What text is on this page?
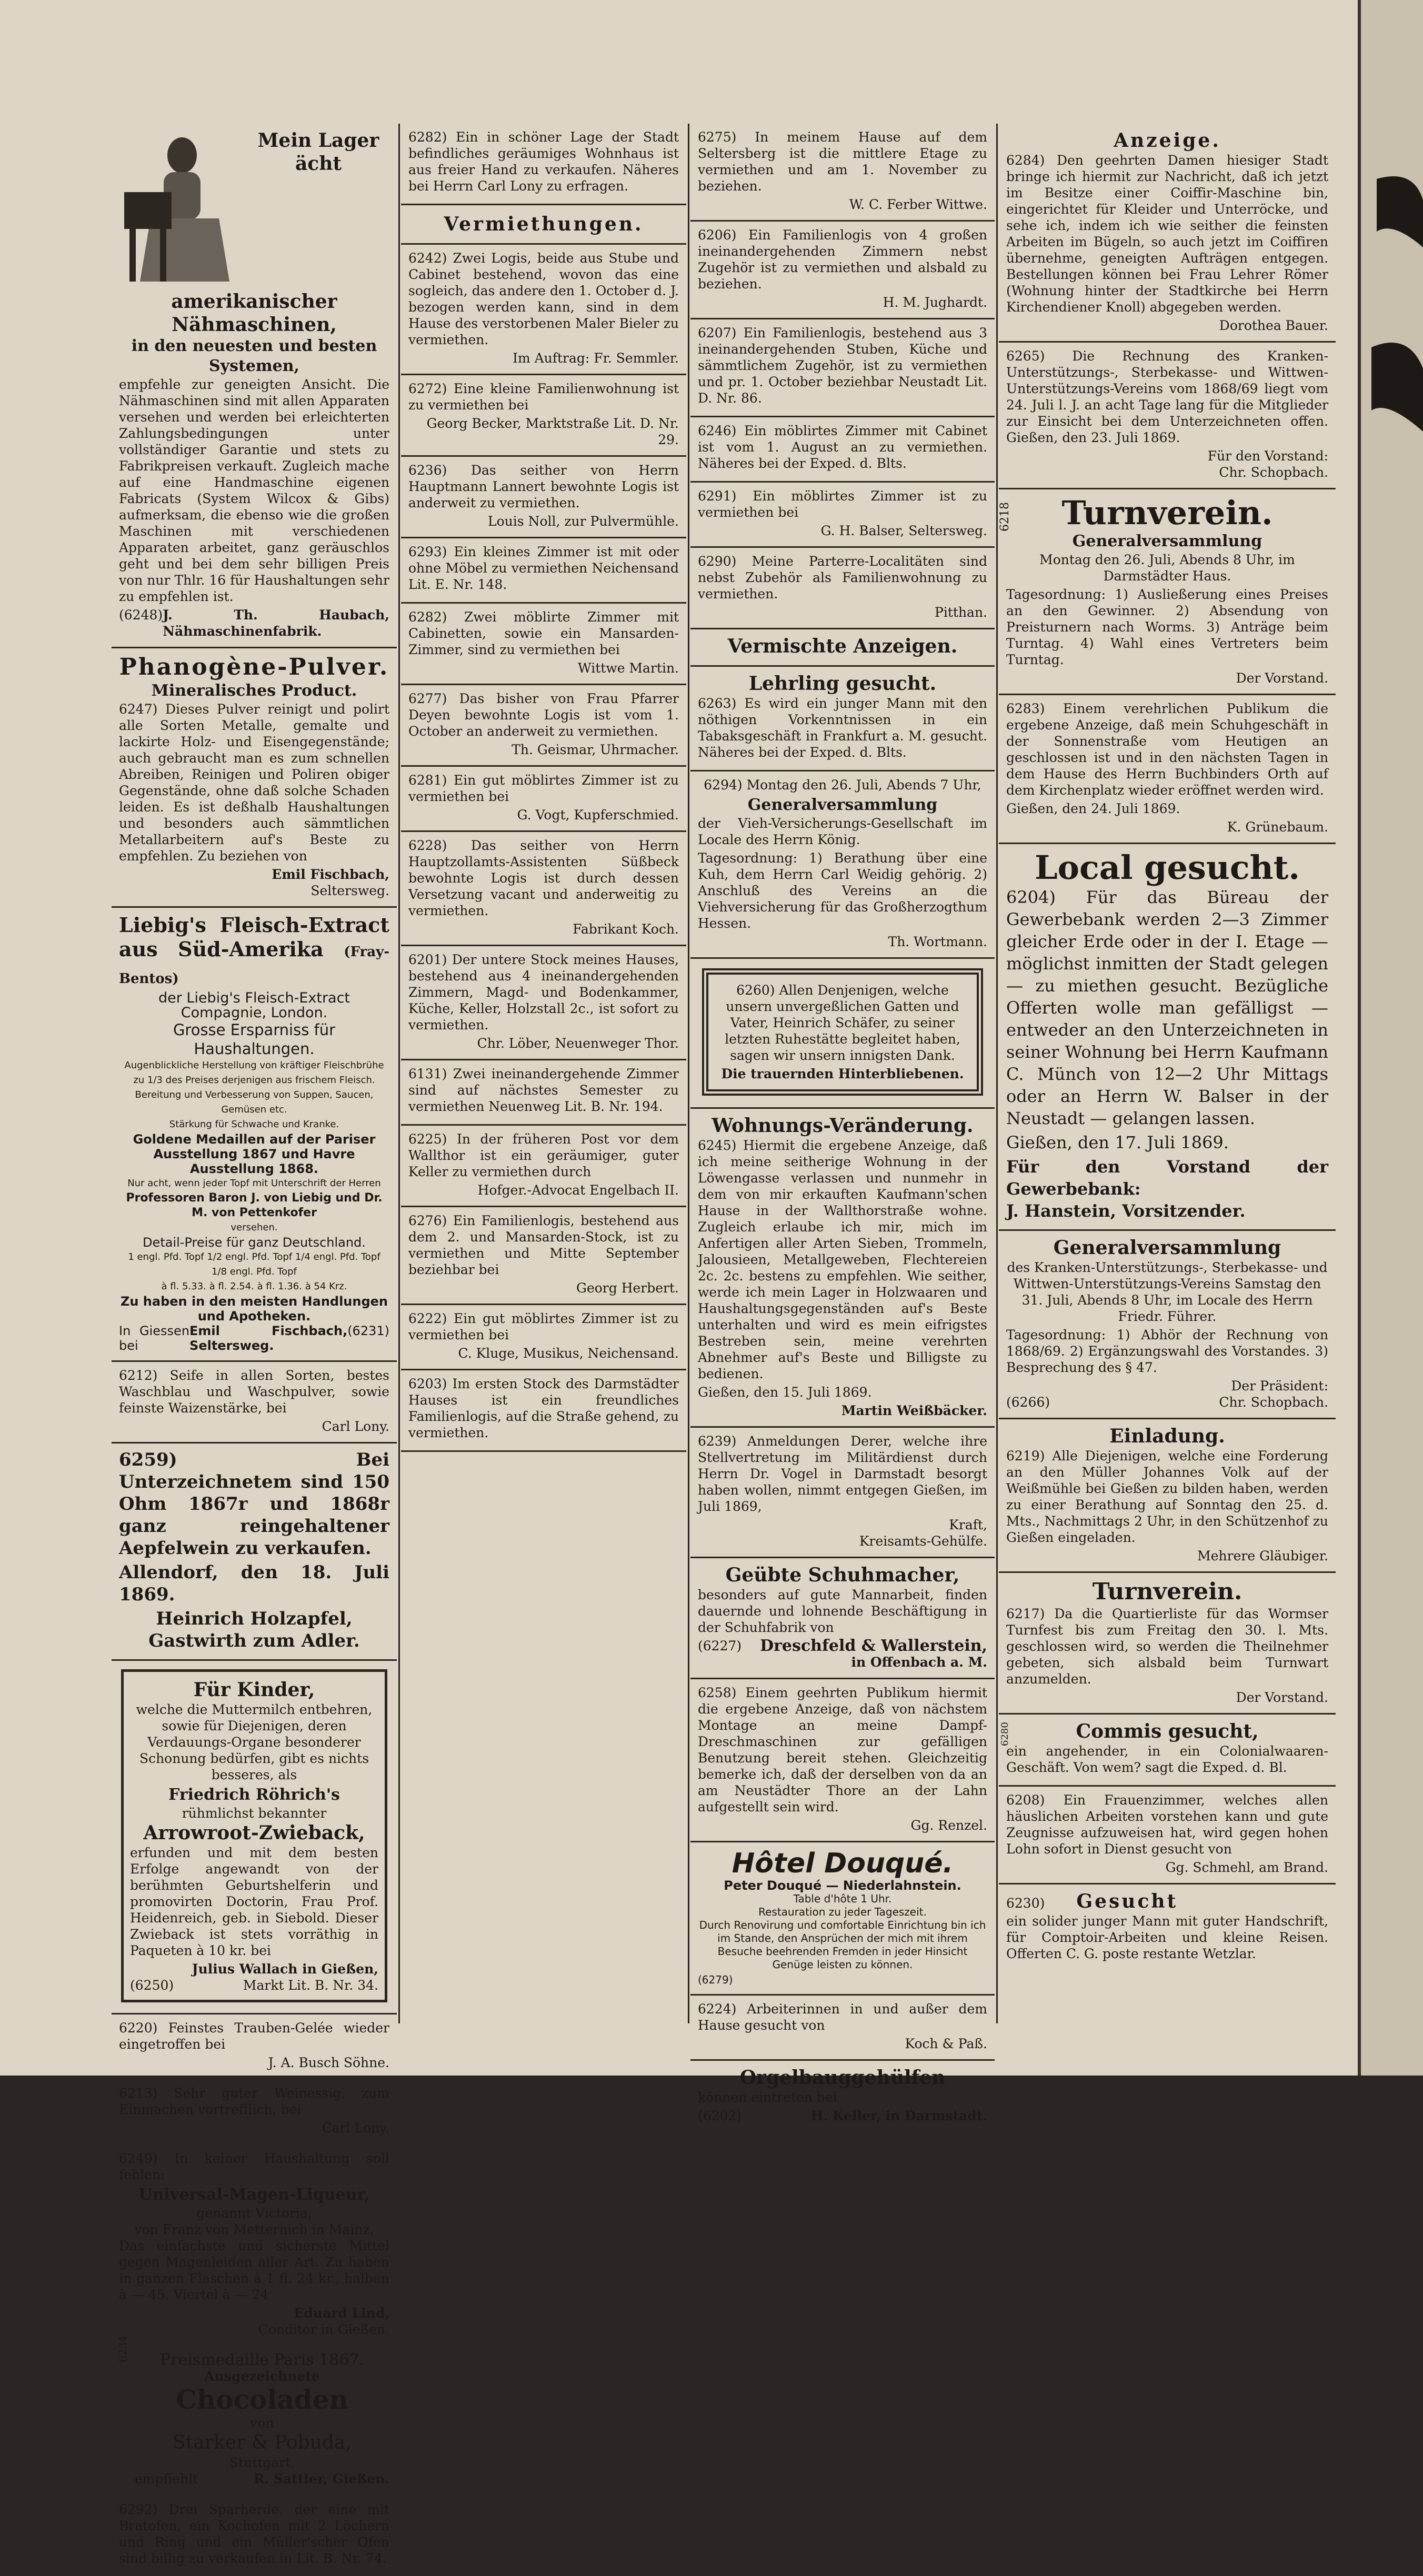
Mein Lager ächt
amerikanischer Nähmaschinen,
in den neuesten und besten Systemen,

empfehle zur geneigten Ansicht. Die Nähmaschinen sind mit allen Apparaten versehen und werden bei erleichterten Zahlungsbedingungen unter vollständiger Garantie und stets zu Fabrikpreisen verkauft. Zugleich mache auf eine Handmaschine eigenen Fabricats (System Wilcox & Gibs) aufmerksam, die ebenso wie die großen Maschinen mit verschiedenen Apparaten arbeitet, ganz geräuschlos geht und bei dem sehr billigen Preis von nur Thlr. 16 für Haushaltungen sehr zu empfehlen ist.

(6248) J. Th. Haubach, Nähmaschinenfabrik.
Phanogène-Pulver.
Mineralisches Product.

6247) Dieses Pulver reinigt und polirt alle Sorten Metalle, gemalte und lackirte Holz- und Eisengegenstände; auch gebraucht man es zum schnellen Abreiben, Reinigen und Poliren obiger Gegenstände, ohne daß solche Schaden leiden. Es ist deßhalb Haushaltungen und besonders auch sämmtlichen Metallarbeitern auf's Beste zu empfehlen. Zu beziehen von

Emil Fischbach,
Seltersweg.
Liebig's Fleisch-Extract aus Süd-Amerika (Fray-Bentos)
der Liebig's Fleisch-Extract Compagnie, London.
Grosse Ersparniss für Haushaltungen.
Augenblickliche Herstellung von kräftiger Fleischbrühe zu 1/3 des Preises derjenigen aus frischem Fleisch.
Bereitung und Verbesserung von Suppen, Saucen, Gemüsen etc.
Stärkung für Schwache und Kranke.
Goldene Medaillen auf der Pariser Ausstellung 1867 und Havre Ausstellung 1868.
Nur acht, wenn jeder Topf mit Unterschrift der Herren
Professoren Baron J. von Liebig und Dr. M. von Pettenkofer
versehen.
Detail-Preise für ganz Deutschland.
1 engl. Pfd. Topf 1/2 engl. Pfd. Topf 1/4 engl. Pfd. Topf 1/8 engl. Pfd. Topf
à fl. 5.33. à fl. 2.54. à fl. 1.36. à 54 Krz.
Zu haben in den meisten Handlungen und Apotheken.
In Giessen bei
Emil Fischbach, Seltersweg.
(6231)

6212) Seife in allen Sorten, bestes Waschblau und Waschpulver, sowie feinste Waizenstärke, bei

Carl Lony.

6259) Bei Unterzeichnetem sind 150 Ohm 1867r und 1868r ganz reingehaltener Aepfelwein zu verkaufen.

Allendorf, den 18. Juli 1869.

Heinrich Holzapfel,
Gastwirth zum Adler.
Für Kinder,

welche die Muttermilch entbehren, sowie für Diejenigen, deren Verdauungs-Organe besonderer Schonung bedürfen, gibt es nichts besseres, als

Friedrich Röhrich's
rühmlichst bekannter
Arrowroot-Zwieback,

erfunden und mit dem besten Erfolge angewandt von der berühmten Geburtshelferin und promovirten Doctorin, Frau Prof. Heidenreich, geb. in Siebold. Dieser Zwieback ist stets vorräthig in Paqueten à 10 kr. bei

Julius Wallach in Gießen,
(6250)	Markt Lit. B. Nr. 34.

6220) Feinstes Trauben-Gelée wieder eingetroffen bei

J. A. Busch Söhne.

6213) Sehr guter Weinessig, zum Einmachen vortrefflich, bei

Carl Lony.

6249) In keiner Haushaltung soll fehlen:

Universal-Magen-Liqueur,
genannt Victoria,
von Franz von Metternich in Mainz.

Das einfachste und sicherste Mittel gegen Magenleiden aller Art. Zu haben in ganzen Flaschen à 1 fl. 24 kr., halben à — 45, Viertel à — 24

Eduard Lind,
Conditor in Gießen.
6234	Preismedaille Paris 1867.
Ausgezeichnete
Chocoladen
von
Starker & Pobuda,
Stuttgart,
empfiehlt	R. Sattler, Gießen.

6292) Drei Sparherde, der eine mit Bratofen, ein Kochofen mit 2 Löchern und Ring und ein Müller'scher Ofen sind billig zu verkaufen in Lit. B. Nr. 74.

6282) Ein in schöner Lage der Stadt befindliches geräumiges Wohnhaus ist aus freier Hand zu verkaufen. Näheres bei Herrn Carl Lony zu erfragen.

Vermiethungen.

6242) Zwei Logis, beide aus Stube und Cabinet bestehend, wovon das eine sogleich, das andere den 1. October d. J. bezogen werden kann, sind in dem Hause des verstorbenen Maler Bieler zu vermiethen.

Im Auftrag: Fr. Semmler.

6272) Eine kleine Familienwohnung ist zu vermiethen bei

Georg Becker, Marktstraße Lit. D. Nr. 29.

6236) Das seither von Herrn Hauptmann Lannert bewohnte Logis ist anderweit zu vermiethen.

Louis Noll, zur Pulvermühle.

6293) Ein kleines Zimmer ist mit oder ohne Möbel zu vermiethen Neichensand Lit. E. Nr. 148.

6282) Zwei möblirte Zimmer mit Cabinetten, sowie ein Mansarden-Zimmer, sind zu vermiethen bei

Wittwe Martin.

6277) Das bisher von Frau Pfarrer Deyen bewohnte Logis ist vom 1. October an anderweit zu vermiethen.

Th. Geismar, Uhrmacher.

6281) Ein gut möblirtes Zimmer ist zu vermiethen bei

G. Vogt, Kupferschmied.

6228) Das seither von Herrn Hauptzollamts-Assistenten Süßbeck bewohnte Logis ist durch dessen Versetzung vacant und anderweitig zu vermiethen.

Fabrikant Koch.

6201) Der untere Stock meines Hauses, bestehend aus 4 ineinandergehenden Zimmern, Magd- und Bodenkammer, Küche, Keller, Holzstall 2c., ist sofort zu vermiethen.

Chr. Löber, Neuenweger Thor.

6131) Zwei ineinandergehende Zimmer sind auf nächstes Semester zu vermiethen Neuenweg Lit. B. Nr. 194.

6225) In der früheren Post vor dem Wallthor ist ein geräumiger, guter Keller zu vermiethen durch

Hofger.-Advocat Engelbach II.

6276) Ein Familienlogis, bestehend aus dem 2. und Mansarden-Stock, ist zu vermiethen und Mitte September beziehbar bei

Georg Herbert.

6222) Ein gut möblirtes Zimmer ist zu vermiethen bei

C. Kluge, Musikus, Neichensand.

6203) Im ersten Stock des Darmstädter Hauses ist ein freundliches Familienlogis, auf die Straße gehend, zu vermiethen.

6275) In meinem Hause auf dem Seltersberg ist die mittlere Etage zu vermiethen und am 1. November zu beziehen.

W. C. Ferber Wittwe.

6206) Ein Familienlogis von 4 großen ineinandergehenden Zimmern nebst Zugehör ist zu vermiethen und alsbald zu beziehen.

H. M. Jughardt.

6207) Ein Familienlogis, bestehend aus 3 ineinandergehenden Stuben, Küche und sämmtlichem Zugehör, ist zu vermiethen und pr. 1. October beziehbar Neustadt Lit. D. Nr. 86.

6246) Ein möblirtes Zimmer mit Cabinet ist vom 1. August an zu vermiethen. Näheres bei der Exped. d. Blts.

6291) Ein möblirtes Zimmer ist zu vermiethen bei

G. H. Balser, Seltersweg.

6290) Meine Parterre-Localitäten sind nebst Zubehör als Familienwohnung zu vermiethen.

Pitthan.
Vermischte Anzeigen.
Lehrling gesucht.

6263) Es wird ein junger Mann mit den nöthigen Vorkenntnissen in ein Tabaksgeschäft in Frankfurt a. M. gesucht. Näheres bei der Exped. d. Blts.

6294) Montag den 26. Juli, Abends 7 Uhr,

Generalversammlung

der Vieh-Versicherungs-Gesellschaft im Locale des Herrn König.

Tagesordnung: 1) Berathung über eine Kuh, dem Herrn Carl Weidig gehörig. 2) Anschluß des Vereins an die Viehversicherung für das Großherzogthum Hessen.

Th. Wortmann.

6260) Allen Denjenigen, welche unsern unvergeßlichen Gatten und Vater, Heinrich Schäfer, zu seiner letzten Ruhestätte begleitet haben, sagen wir unsern innigsten Dank.

Die trauernden Hinterbliebenen.
Wohnungs-Veränderung.

6245) Hiermit die ergebene Anzeige, daß ich meine seitherige Wohnung in der Löwengasse verlassen und nunmehr in dem von mir erkauften Kaufmann'schen Hause in der Wallthorstraße wohne. Zugleich erlaube ich mir, mich im Anfertigen aller Arten Sieben, Trommeln, Jalousieen, Metallgeweben, Flechtereien 2c. 2c. bestens zu empfehlen. Wie seither, werde ich mein Lager in Holzwaaren und Haushaltungsgegenständen auf's Beste unterhalten und wird es mein eifrigstes Bestreben sein, meine verehrten Abnehmer auf's Beste und Billigste zu bedienen.

Gießen, den 15. Juli 1869.

Martin Weißbäcker.

6239) Anmeldungen Derer, welche ihre Stellvertretung im Militärdienst durch Herrn Dr. Vogel in Darmstadt besorgt haben wollen, nimmt entgegen Gießen, im Juli 1869,

Kraft,
Kreisamts-Gehülfe.
Geübte Schuhmacher,

besonders auf gute Mannarbeit, finden dauernde und lohnende Beschäftigung in der Schuhfabrik von

(6227) Dreschfeld & Wallerstein,
in Offenbach a. M.

6258) Einem geehrten Publikum hiermit die ergebene Anzeige, daß von nächstem Montage an meine Dampf-Dreschmaschinen zur gefälligen Benutzung bereit stehen. Gleichzeitig bemerke ich, daß der derselben von da an am Neustädter Thore an der Lahn aufgestellt sein wird.

Gg. Renzel.
Hôtel Douqué.
Peter Douqué — Niederlahnstein.
Table d'hôte 1 Uhr.
Restauration zu jeder Tageszeit.

Durch Renovirung und comfortable Einrichtung bin ich im Stande, den Ansprüchen der mich mit ihrem Besuche beehrenden Fremden in jeder Hinsicht Genüge leisten zu können.

(6279)

6224) Arbeiterinnen in und außer dem Hause gesucht von

Koch & Paß.
Orgelbauggehülfen

können eintreten bei

(6202)	H. Keller, in Darmstadt.
Anzeige.

6284) Den geehrten Damen hiesiger Stadt bringe ich hiermit zur Nachricht, daß ich jetzt im Besitze einer Coiffir-Maschine bin, eingerichtet für Kleider und Unterröcke, und sehe ich, indem ich wie seither die feinsten Arbeiten im Bügeln, so auch jetzt im Coiffiren übernehme, geneigten Aufträgen entgegen. Bestellungen können bei Frau Lehrer Römer (Wohnung hinter der Stadtkirche bei Herrn Kirchendiener Knoll) abgegeben werden.

Dorothea Bauer.

6265) Die Rechnung des Kranken-Unterstützungs-, Sterbekasse- und Wittwen-Unterstützungs-Vereins vom 1868/69 liegt vom 24. Juli l. J. an acht Tage lang für die Mitglieder zur Einsicht bei dem Unterzeichneten offen. Gießen, den 23. Juli 1869.

Für den Vorstand:
Chr. Schopbach.
6218	Turnverein.
Generalversammlung

Montag den 26. Juli, Abends 8 Uhr, im Darmstädter Haus.

Tagesordnung: 1) Ausließerung eines Preises an den Gewinner. 2) Absendung von Preisturnern nach Worms. 3) Anträge beim Turntag. 4) Wahl eines Vertreters beim Turntag.

Der Vorstand.

6283) Einem verehrlichen Publikum die ergebene Anzeige, daß mein Schuhgeschäft in der Sonnenstraße vom Heutigen an geschlossen ist und in den nächsten Tagen in dem Hause des Herrn Buchbinders Orth auf dem Kirchenplatz wieder eröffnet werden wird.

Gießen, den 24. Juli 1869.

K. Grünebaum.
Local gesucht.

6204) Für das Büreau der Gewerbebank werden 2—3 Zimmer gleicher Erde oder in der I. Etage — möglichst inmitten der Stadt gelegen — zu miethen gesucht. Bezügliche Offerten wolle man gefälligst — entweder an den Unterzeichneten in seiner Wohnung bei Herrn Kaufmann C. Münch von 12—2 Uhr Mittags oder an Herrn W. Balser in der Neustadt — gelangen lassen.

Gießen, den 17. Juli 1869.

Für den Vorstand der Gewerbebank:
J. Hanstein, Vorsitzender.
Generalversammlung

des Kranken-Unterstützungs-, Sterbekasse- und Wittwen-Unterstützungs-Vereins Samstag den 31. Juli, Abends 8 Uhr, im Locale des Herrn Friedr. Führer.

Tagesordnung: 1) Abhör der Rechnung von 1868/69. 2) Ergänzungswahl des Vorstandes. 3) Besprechung des § 47.

Der Präsident:
(6266)	Chr. Schopbach.
Einladung.

6219) Alle Diejenigen, welche eine Forderung an den Müller Johannes Volk auf der Weißmühle bei Gießen zu bilden haben, werden zu einer Berathung auf Sonntag den 25. d. Mts., Nachmittags 2 Uhr, in den Schützenhof zu Gießen eingeladen.

Mehrere Gläubiger.
Turnverein.

6217) Da die Quartierliste für das Wormser Turnfest bis zum Freitag den 30. l. Mts. geschlossen wird, so werden die Theilnehmer gebeten, sich alsbald beim Turnwart anzumelden.

Der Vorstand.
6280	Commis gesucht,

ein angehender, in ein Colonialwaaren-Geschäft. Von wem? sagt die Exped. d. Bl.

6208) Ein Frauenzimmer, welches allen häuslichen Arbeiten vorstehen kann und gute Zeugnisse aufzuweisen hat, wird gegen hohen Lohn sofort in Dienst gesucht von

Gg. Schmehl, am Brand.
6230) Gesucht

ein solider junger Mann mit guter Handschrift, für Comptoir-Arbeiten und kleine Reisen. Offerten C. G. poste restante Wetzlar.
